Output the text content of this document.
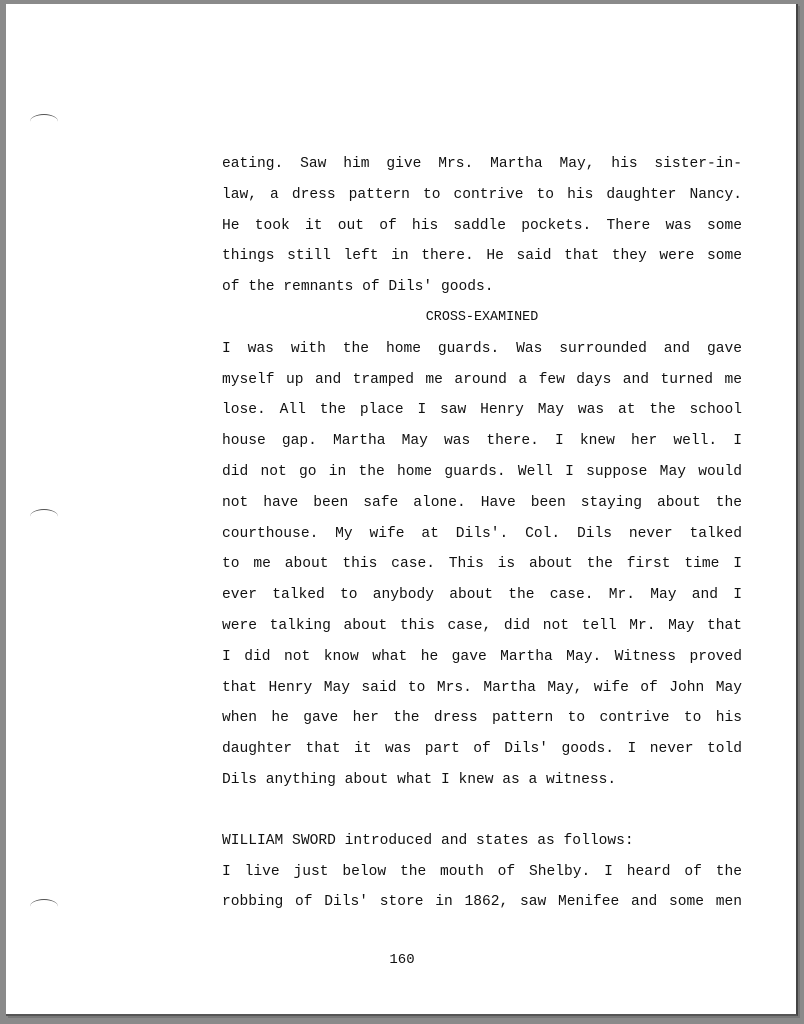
eating. Saw him give Mrs. Martha May, his sister-in-
law, a dress pattern to contrive to his daughter Nancy.
He took it out of his saddle pockets. There was some
things still left in there. He said that they were some
of the remnants of Dils' goods.
CROSS-EXAMINED
I was with the home guards. Was surrounded and gave
myself up and tramped me around a few days and turned me
lose. All the place I saw Henry May was at the school
house gap. Martha May was there. I knew her well. I
did not go in the home guards. Well I suppose May would
not have been safe alone. Have been staying about the
courthouse. My wife at Dils'. Col. Dils never talked
to me about this case. This is about the first time I
ever talked to anybody about the case. Mr. May and I
were talking about this case, did not tell Mr. May that
I did not know what he gave Martha May. Witness proved
that Henry May said to Mrs. Martha May, wife of John May
when he gave her the dress pattern to contrive to his
daughter that it was part of Dils' goods. I never told
Dils anything about what I knew as a witness.
WILLIAM SWORD introduced and states as follows:
I live just below the mouth of Shelby. I heard of the
robbing of Dils' store in 1862, saw Menifee and some men
160
